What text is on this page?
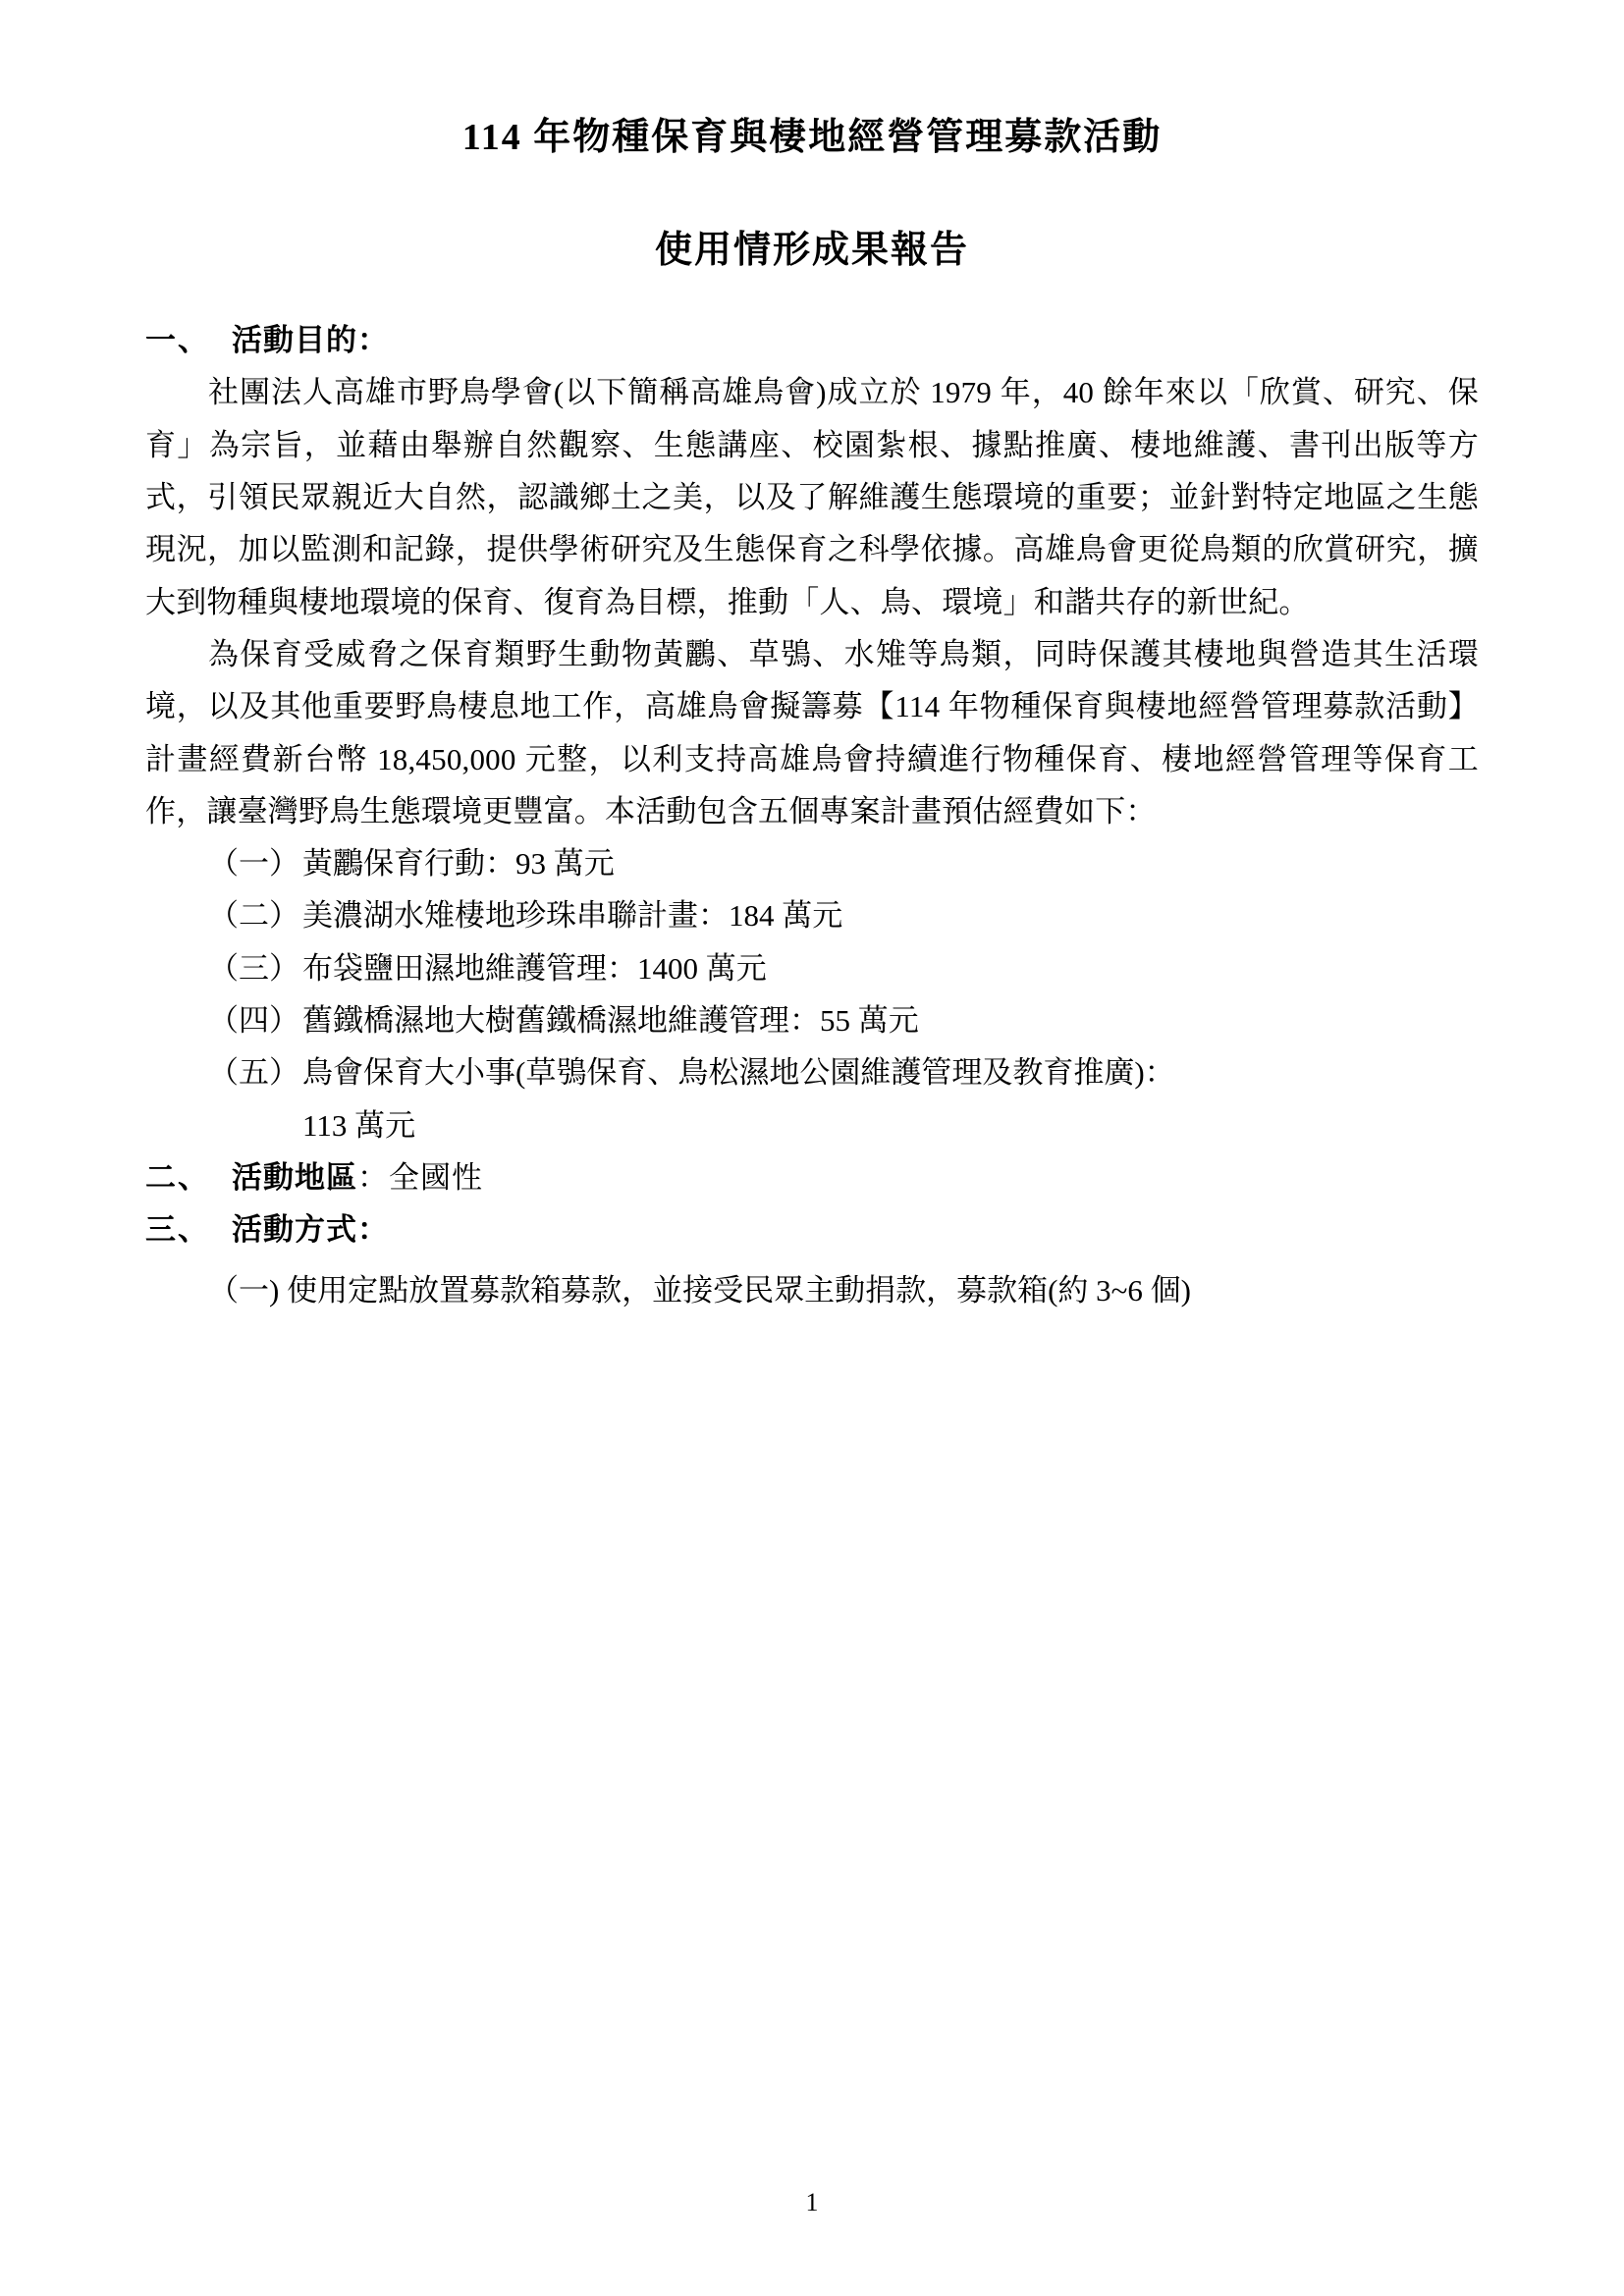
114 年物種保育與棲地經營管理募款活動
使用情形成果報告
一、 活動目的：

社團法人高雄市野鳥學會(以下簡稱高雄鳥會)成立於 1979 年，40 餘年來以「欣賞、研究、保育」為宗旨，並藉由舉辦自然觀察、生態講座、校園紮根、據點推廣、棲地維護、書刊出版等方式，引領民眾親近大自然，認識鄉土之美，以及了解維護生態環境的重要；並針對特定地區之生態現況，加以監測和記錄，提供學術研究及生態保育之科學依據。高雄鳥會更從鳥類的欣賞研究，擴大到物種與棲地環境的保育、復育為目標，推動「人、鳥、環境」和諧共存的新世紀。

為保育受威脅之保育類野生動物黃鸝、草鴞、水雉等鳥類，同時保護其棲地與營造其生活環境，以及其他重要野鳥棲息地工作，高雄鳥會擬籌募【114 年物種保育與棲地經營管理募款活動】計畫經費新台幣 18,450,000 元整，以利支持高雄鳥會持續進行物種保育、棲地經營管理等保育工作，讓臺灣野鳥生態環境更豐富。本活動包含五個專案計畫預估經費如下：

（一）黃鸝保育行動：93 萬元
（二）美濃湖水雉棲地珍珠串聯計畫：184 萬元
（三）布袋鹽田濕地維護管理：1400 萬元
（四）舊鐵橋濕地大樹舊鐵橋濕地維護管理：55 萬元
（五）鳥會保育大小事(草鴞保育、鳥松濕地公園維護管理及教育推廣)：
113 萬元
二、 活動地區：全國性
三、 活動方式：
（一) 使用定點放置募款箱募款，並接受民眾主動捐款，募款箱(約 3~6 個)
1
